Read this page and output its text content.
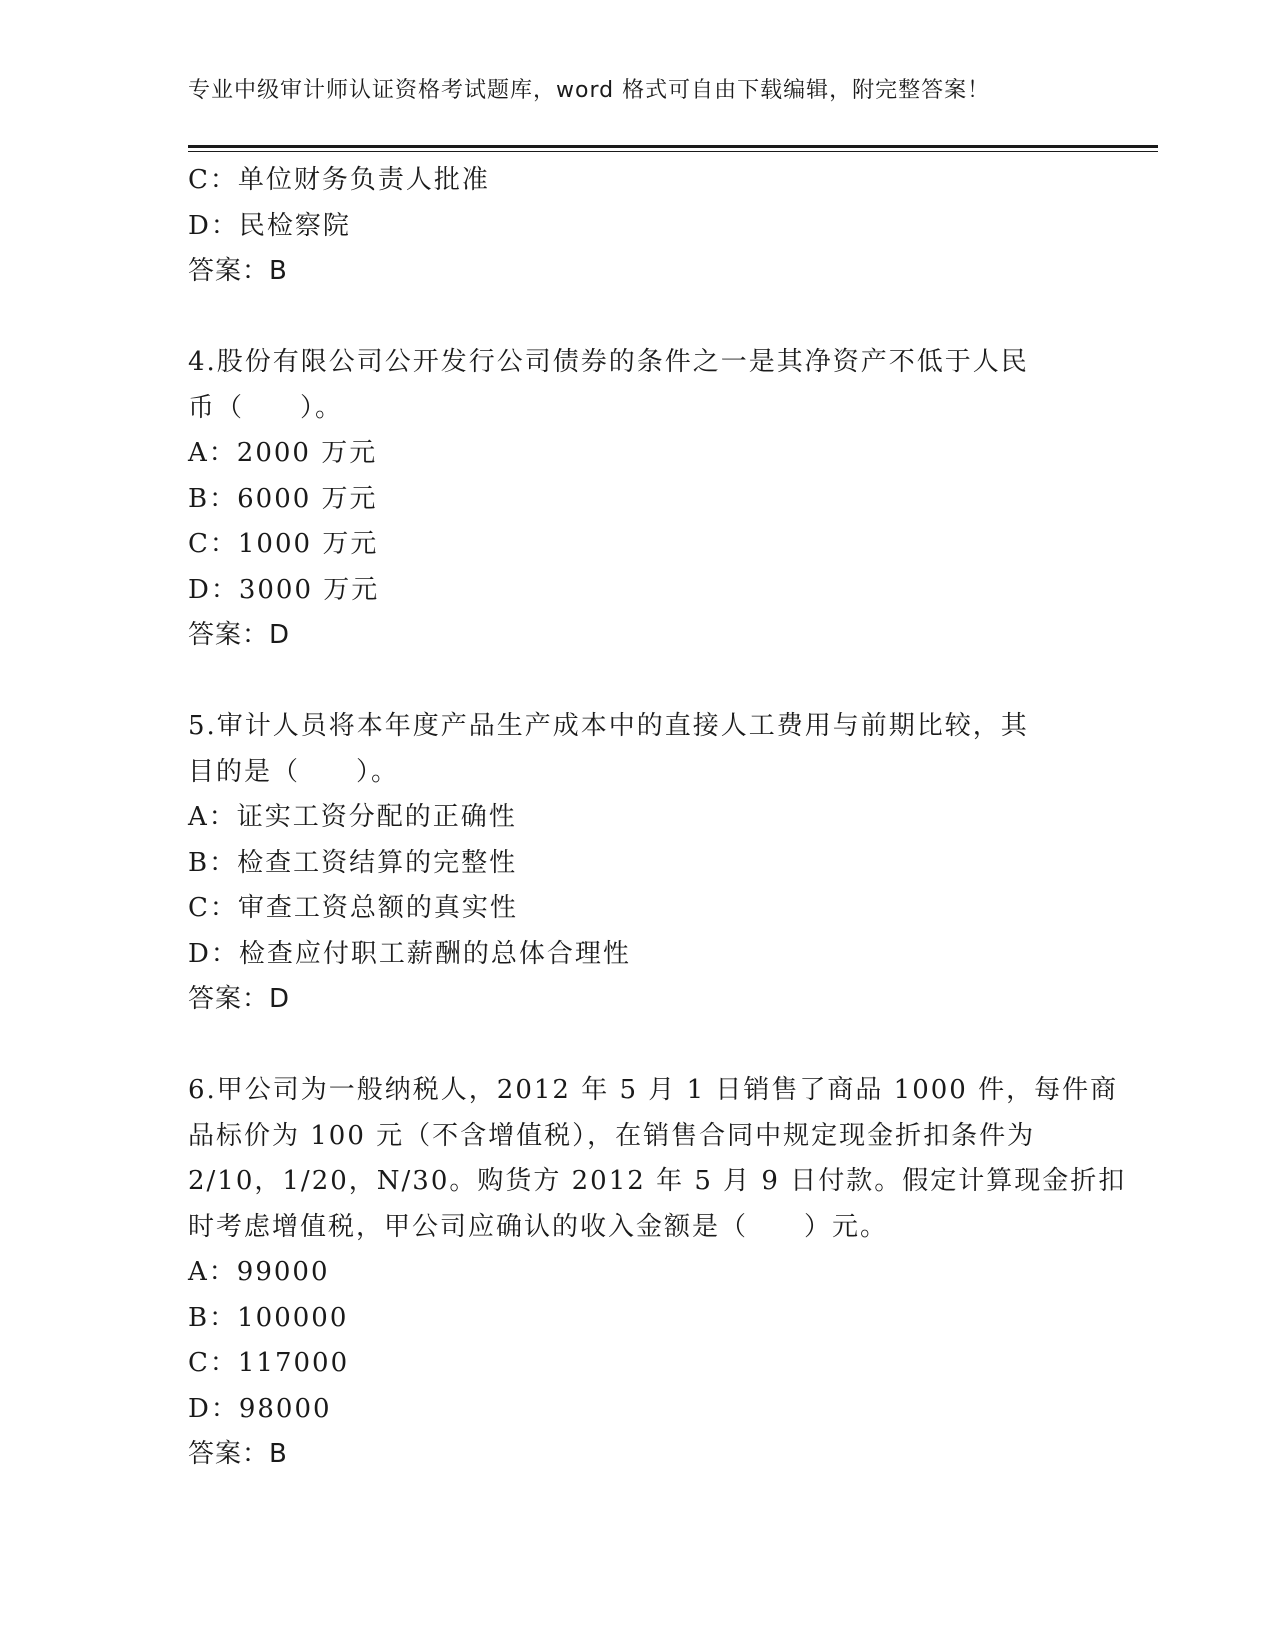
专业中级审计师认证资格考试题库，word 格式可自由下载编辑，附完整答案！
C：单位财务负责人批准
D：民检察院
答案：B
4.股份有限公司公开发行公司债券的条件之一是其净资产不低于人民
币（　　）。
A：2000 万元
B：6000 万元
C：1000 万元
D：3000 万元
答案：D
5.审计人员将本年度产品生产成本中的直接人工费用与前期比较，其
目的是（　　）。
A：证实工资分配的正确性
B：检查工资结算的完整性
C：审查工资总额的真实性
D：检查应付职工薪酬的总体合理性
答案：D
6.甲公司为一般纳税人，2012 年 5 月 1 日销售了商品 1000 件，每件商
品标价为 100 元（不含增值税），在销售合同中规定现金折扣条件为
2/10，1/20，N/30。购货方 2012 年 5 月 9 日付款。假定计算现金折扣
时考虑增值税，甲公司应确认的收入金额是（　　）元。
A：99000
B：100000
C：117000
D：98000
答案：B
